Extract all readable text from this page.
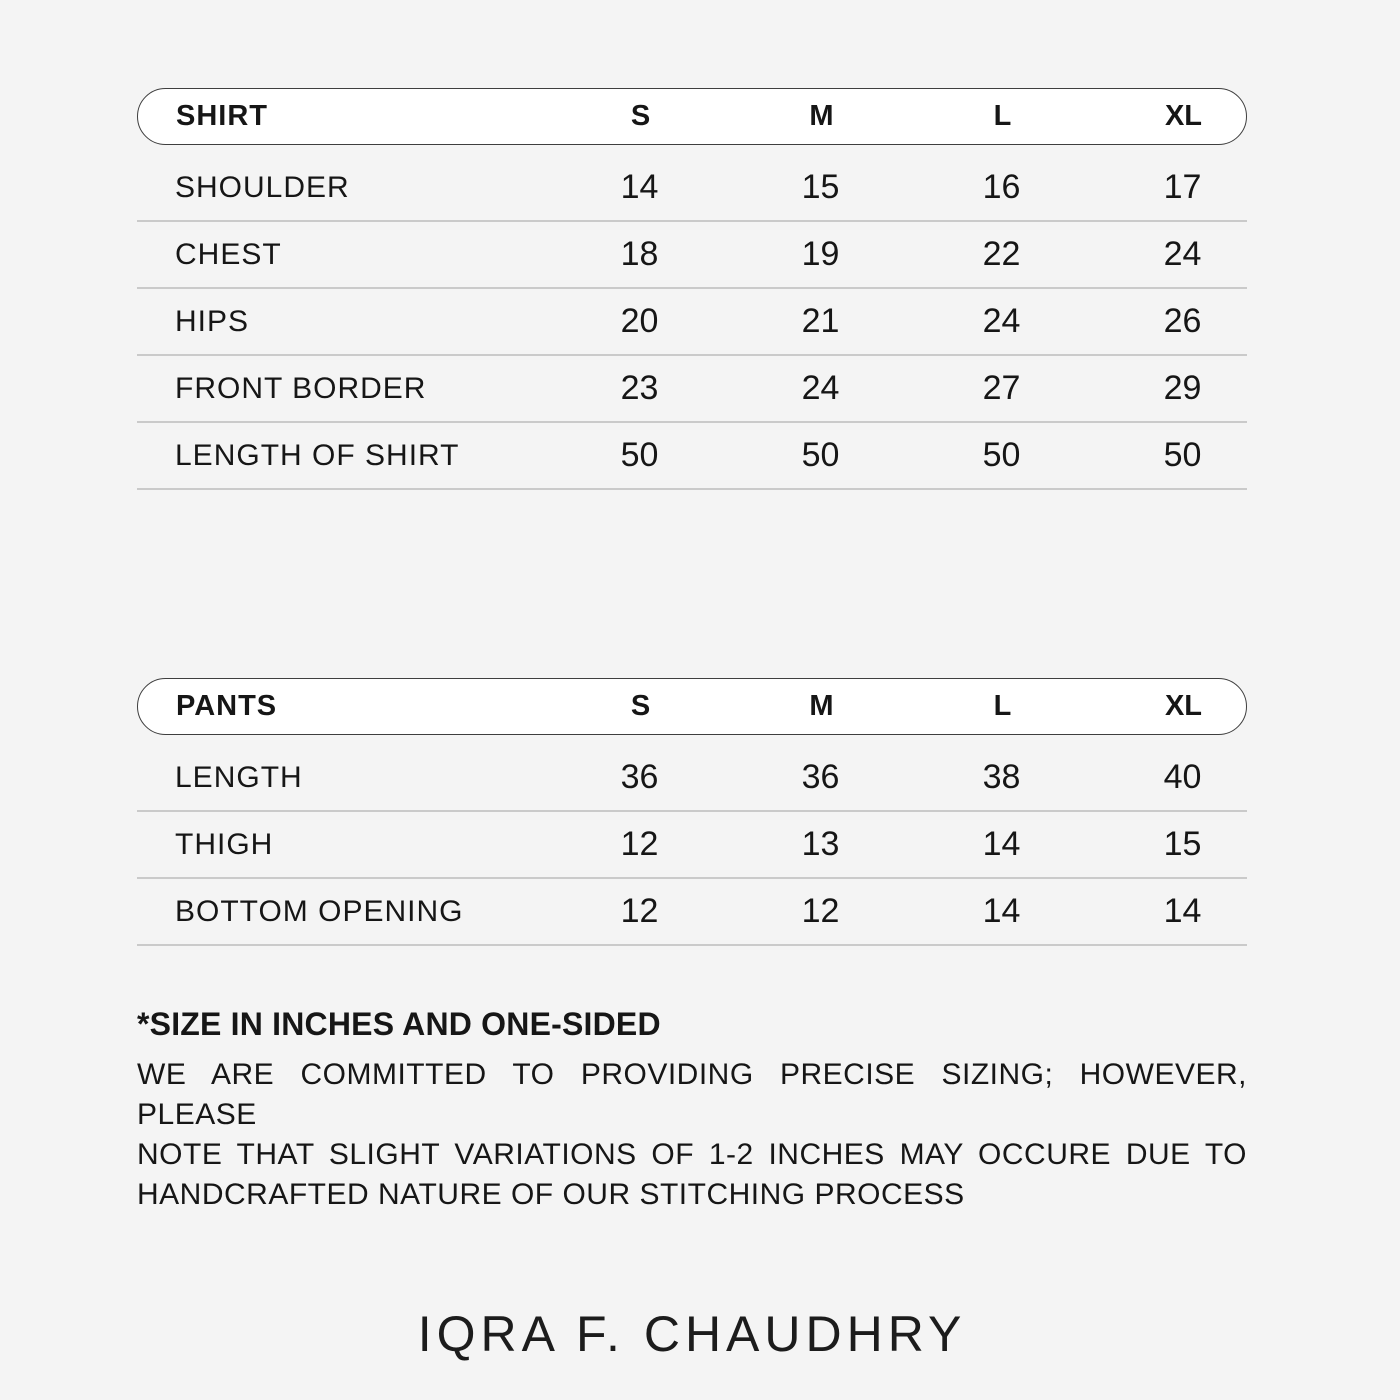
SHIRT	S	M	L	XL
SHOULDER	14	15	16	17
CHEST	18	19	22	24
HIPS	20	21	24	26
FRONT BORDER	23	24	27	29
LENGTH OF SHIRT	50	50	50	50
PANTS	S	M	L	XL
LENGTH	36	36	38	40
THIGH	12	13	14	15
BOTTOM OPENING	12	12	14	14
*SIZE IN INCHES AND ONE-SIDED
WE ARE COMMITTED TO PROVIDING PRECISE SIZING; HOWEVER, PLEASE
NOTE THAT SLIGHT VARIATIONS OF 1-2 INCHES MAY OCCURE DUE TO
HANDCRAFTED NATURE OF OUR STITCHING PROCESS
IQRA F. CHAUDHRY
